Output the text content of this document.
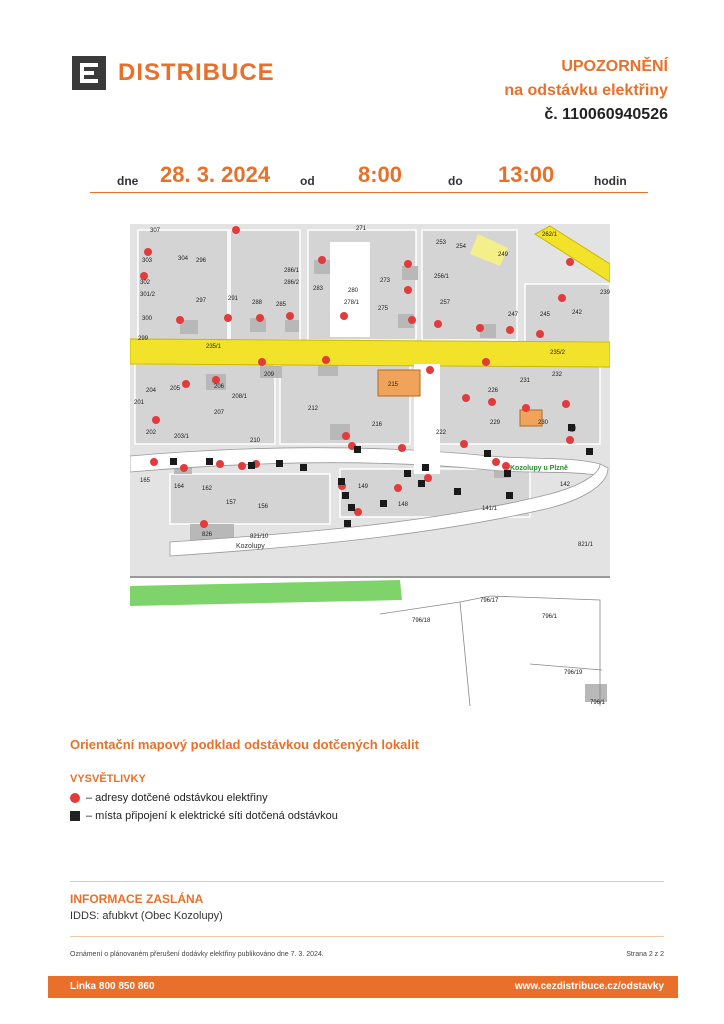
DISTRIBUCE	UPOZORNĚNÍ
na odstávku elektřiny
č. 110060940526
dne 28. 3. 2024 od 8:00	do 13:00	hodin
307
304 296
303
302
301/2
297	291
288 285
300
299
286/1
286/2
283	280
278/1
275
273
271
253
254
256/1
257
249
247	245	242
239
262/1
235/1
235/2
204 205	206
209
208/1
207
212
216
201
202
203/1
210
215
222
226
229
231
232
230
142
165
164	162
156
157
149
148
141/1
826	821/10
821/1
796/17
796/18
796/1
796/19
796/1
Kozolupy u Plzně
Kozolupy
Orientační mapový podklad odstávkou dotčených lokalit
VYSVĚTLIVKY
– adresy dotčené odstávkou elektřiny
– místa připojení k elektrické síti dotčená odstávkou
INFORMACE ZASLÁNA
IDDS: afubkvt (Obec Kozolupy)
Oznámení o plánovaném přerušení dodávky elektřiny publikováno dne 7. 3. 2024.	Strana 2 z 2
Linka 800 850 860	www.cezdistribuce.cz/odstavky
